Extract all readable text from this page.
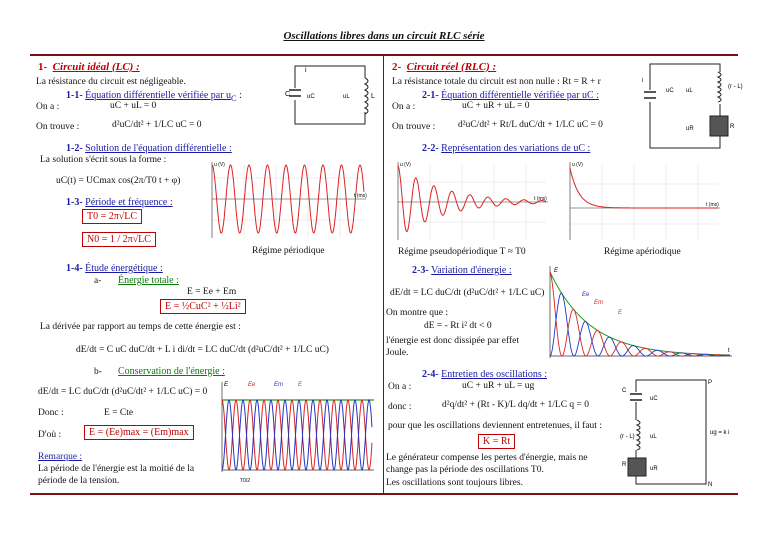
Oscillations libres dans un circuit RLC série
1- Circuit idéal (LC) :
C	L
i
uC	uL
La résistance du circuit est négligeable.
1-1- Équation différentielle vérifiée par $u_C$ :
On a :	uC + uL = 0
On trouve :	d²uC/dt² + 1/LC uC = 0
1-2- Solution de l'équation différentielle :
La solution s'écrit sous la forme :
uC(t) = UCmax cos(2π/T0 t + φ)
1-3- Période et fréquence :
T0 = 2π√LC
N0 = 1 / 2π√LC
u (V)
t (ms)
Régime périodique
1-4- Étude énergétique :
a- Énergie totale :
E = Ee + Em
E = ½CuC² + ½Li²
La dérivée par rapport au temps de cette énergie est :
dE/dt = C uC duC/dt + L i di/dt = LC duC/dt (d²uC/dt² + 1/LC uC)
b- Conservation de l'énergie :
dE/dt = LC duC/dt (d²uC/dt² + 1/LC uC) = 0
Donc :	E = Cte
D'où :	E = (Ee)max = (Em)max
Remarque :
La période de l'énergie est la moitié de la
période de la tension.
E	Ee	Em	E
T0/2
2- Circuit réel (RLC) :
uC uL
uR
(r - L)
R
i
La résistance totale du circuit est non nulle : Rt = R + r
2-1- Équation différentielle vérifiée par uC :
On a :	uC + uR + uL = 0
On trouve : d²uC/dt² + Rt/L duC/dt + 1/LC uC = 0
2-2- Représentation des variations de uC :
u (V)
t (ms)
u (V)
t (ms)
Régime pseudopériodique T ≈ T0	Régime apériodique
2-3- Variation d'énergie :
dE/dt = LC duC/dt (d²uC/dt² + 1/LC uC)
On montre que :
dE = - Rt i² dt < 0
l'énergie est donc dissipée par effet
Joule.
E
Ee
Em
E
t
2-4- Entretien des oscillations :
On a :	uC + uR + uL = ug
donc :	d²q/dt² + (Rt - K)/L dq/dt + 1/LC q = 0
pour que les oscillations deviennent entretenues, il faut :
K = Rt
Le générateur compense les pertes d'énergie, mais ne
change pas la période des oscillations T0.
Les oscillations sont toujours libres.
C
uC
uL
uR
(r - L)
R
P
N
ug = k i
